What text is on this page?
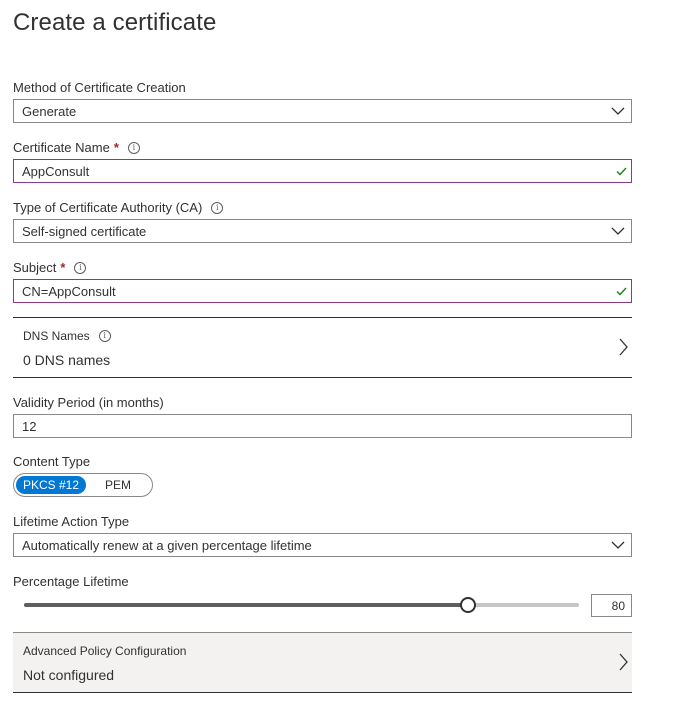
Create a certificate
Method of Certificate Creation
Generate
Certificate Name *	i
AppConsult
Type of Certificate Authority (CA)	i
Self-signed certificate
Subject *	i
CN=AppConsult
DNS Names	i
0 DNS names
Validity Period (in months)
12
Content Type
PKCS #12	PEM
Lifetime Action Type
Automatically renew at a given percentage lifetime
Percentage Lifetime
80
Advanced Policy Configuration
Not configured
